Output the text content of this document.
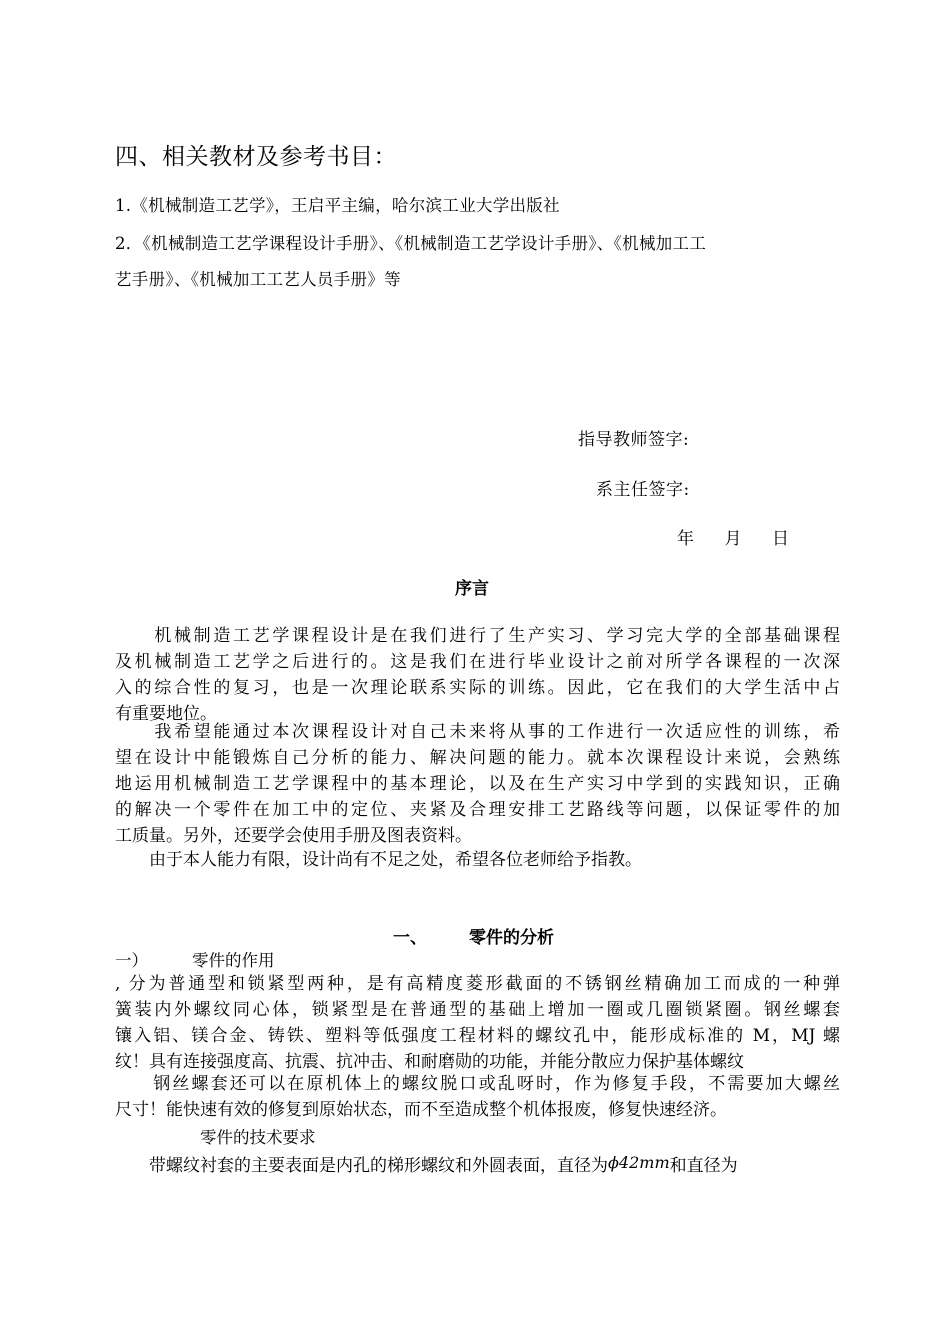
四、相关教材及参考书目：
1.《机械制造工艺学》，王启平主编，哈尔滨工业大学出版社
2．《机械制造工艺学课程设计手册》、《机械制造工艺学设计手册》、《机械加工工
艺手册》、《机械加工工艺人员手册》等
指导教师签字:
系主任签字:
年 月 日
序言
　　机械制造工艺学课程设计是在我们进行了生产实习、学习完大学的全部基础课程
及机械制造工艺学之后进行的。这是我们在进行毕业设计之前对所学各课程的一次深
入的综合性的复习，也是一次理论联系实际的训练。因此，它在我们的大学生活中占
有重要地位。
　　我希望能通过本次课程设计对自己未来将从事的工作进行一次适应性的训练，希
望在设计中能锻炼自己分析的能力、解决问题的能力。就本次课程设计来说，会熟练
地运用机械制造工艺学课程中的基本理论，以及在生产实习中学到的实践知识，正确
的解决一个零件在加工中的定位、夹紧及合理安排工艺路线等问题，以保证零件的加
工质量。另外，还要学会使用手册及图表资料。
　　由于本人能力有限，设计尚有不足之处，希望各位老师给予指教。
一、 零件的分析
一）	零件的作用
, 分为普通型和锁紧型两种，是有高精度菱形截面的不锈钢丝精确加工而成的一种弹
簧装内外螺纹同心体，锁紧型是在普通型的基础上增加一圈或几圈锁紧圈。钢丝螺套
镶入铝、镁合金、铸铁、塑料等低强度工程材料的螺纹孔中，能形成标准的 M，MJ 螺
纹！具有连接强度高、抗震、抗冲击、和耐磨勋的功能，并能分散应力保护基体螺纹
　　钢丝螺套还可以在原机体上的螺纹脱口或乱呀时，作为修复手段，不需要加大螺丝
尺寸！能快速有效的修复到原始状态，而不至造成整个机体报废，修复快速经济。
零件的技术要求
　　带螺纹衬套的主要表面是内孔的梯形螺纹和外圆表面，直径为ϕ42mm和直径为
